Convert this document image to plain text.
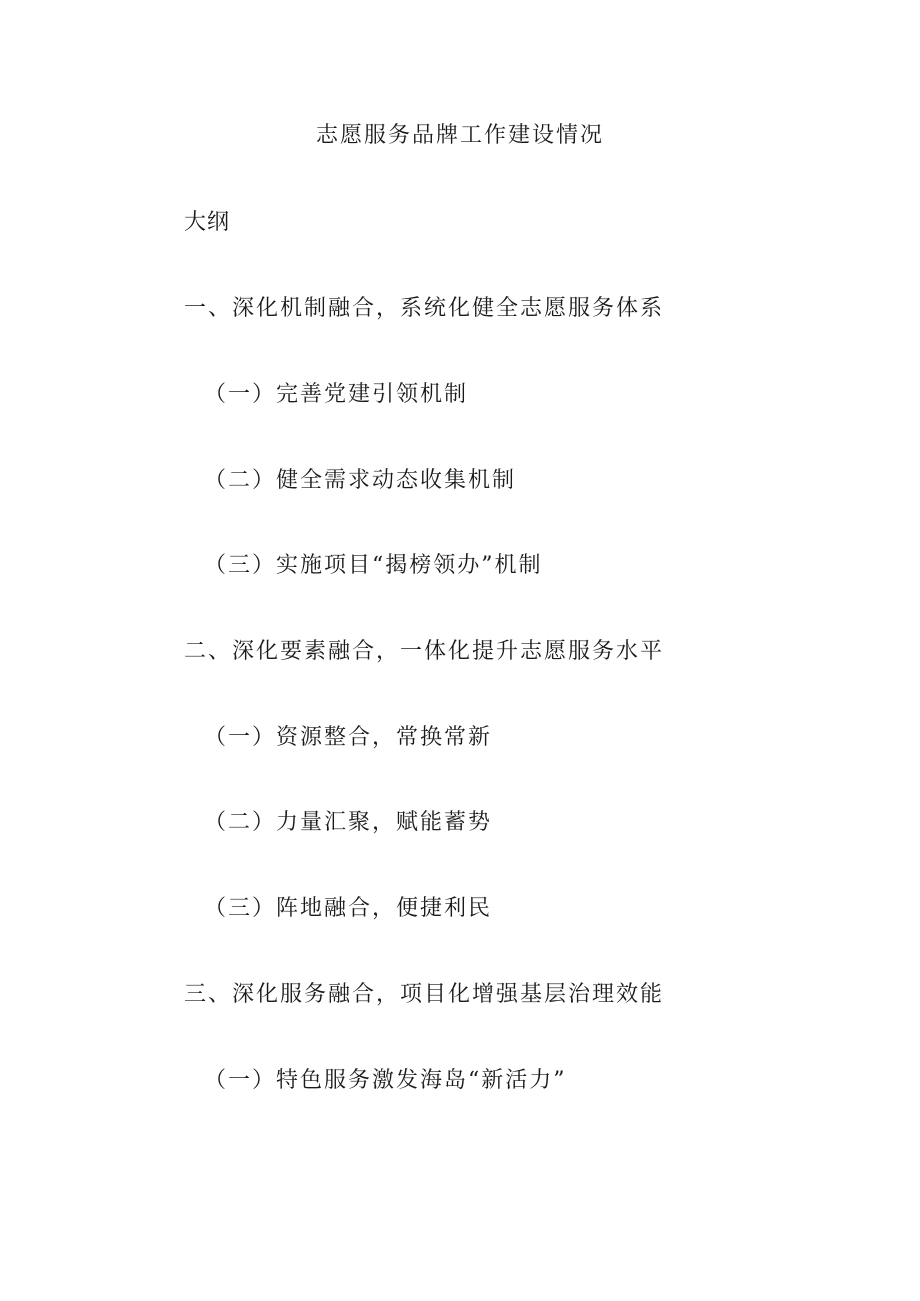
志愿服务品牌工作建设情况
大纲
一、深化机制融合，系统化健全志愿服务体系
（一）完善党建引领机制
（二）健全需求动态收集机制
（三）实施项目“揭榜领办”机制
二、深化要素融合，一体化提升志愿服务水平
（一）资源整合，常换常新
（二）力量汇聚，赋能蓄势
（三）阵地融合，便捷利民
三、深化服务融合，项目化增强基层治理效能
（一）特色服务激发海岛“新活力”
